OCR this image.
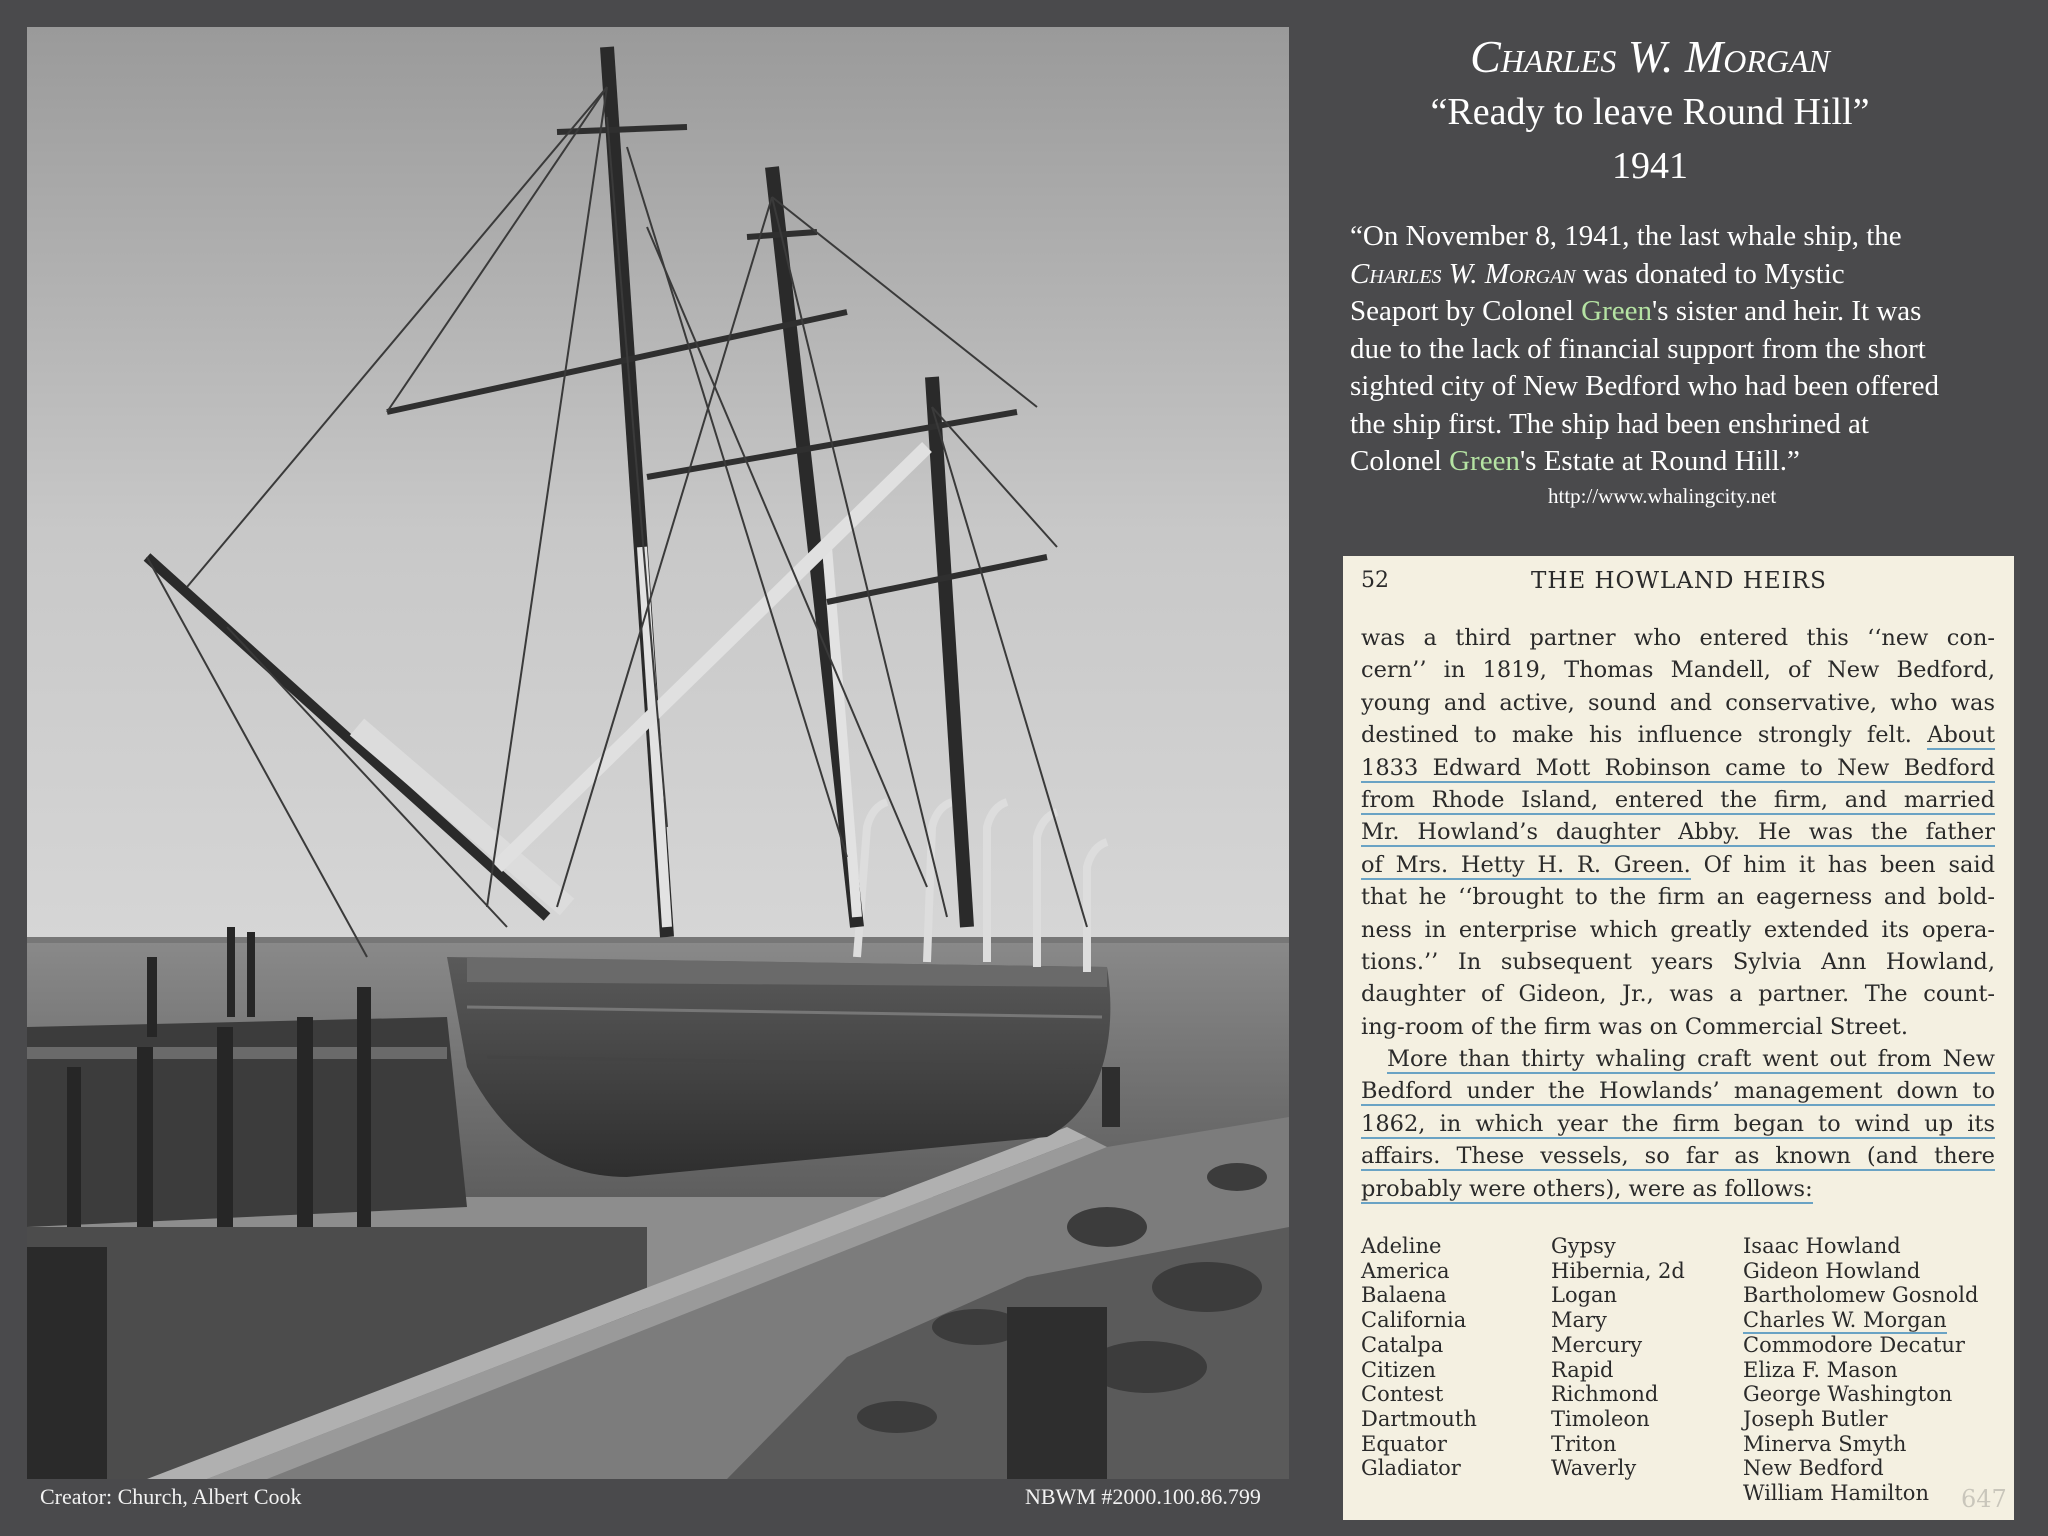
Creator: Church, Albert Cook	NBWM #2000.100.86.799
Charles W. Morgan
“Ready to leave Round Hill”
1941
“On November 8, 1941, the last whale ship, the
Charles W. Morgan was donated to Mystic
Seaport by Colonel Green's sister and heir. It was
due to the lack of financial support from the short
sighted city of New Bedford who had been offered
the ship first. The ship had been enshrined at
Colonel Green's Estate at Round Hill.”
http://www.whalingcity.net
52	THE HOWLAND HEIRS
was a third partner who entered this ‘‘new con-
cern’’ in 1819, Thomas Mandell, of New Bedford,
young and active, sound and conservative, who was
destined to make his influence strongly felt. About
1833 Edward Mott Robinson came to New Bedford
from Rhode Island, entered the firm, and married
Mr. Howland’s daughter Abby. He was the father
of Mrs. Hetty H. R. Green. Of him it has been said
that he ‘‘brought to the firm an eagerness and bold-
ness in enterprise which greatly extended its opera-
tions.’’ In subsequent years Sylvia Ann Howland,
daughter of Gideon, Jr., was a partner. The count-
ing-room of the firm was on Commercial Street.
More than thirty whaling craft went out from New
Bedford under the Howlands’ management down to
1862, in which year the firm began to wind up its
affairs. These vessels, so far as known (and there
probably were others), were as follows:
Adeline
America
Balaena
California
Catalpa
Citizen
Contest
Dartmouth
Equator
Gladiator
Gypsy
Hibernia, 2d
Logan
Mary
Mercury
Rapid
Richmond
Timoleon
Triton
Waverly
Isaac Howland
Gideon Howland
Bartholomew Gosnold
Charles W. Morgan
Commodore Decatur
Eliza F. Mason
George Washington
Joseph Butler
Minerva Smyth
New Bedford
William Hamilton	647
